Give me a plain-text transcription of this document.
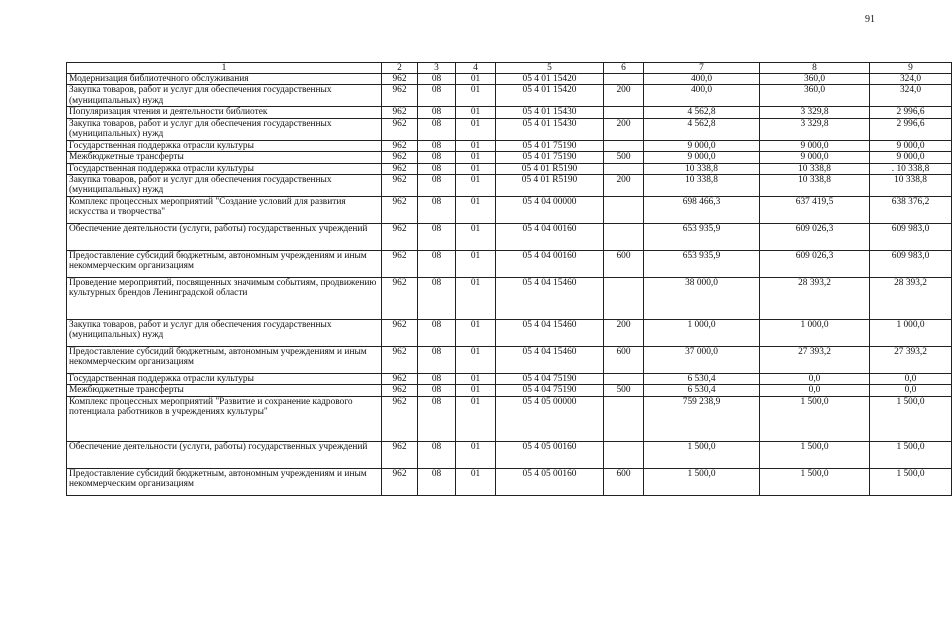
91
1	2	3	4	5	6	7	8	9
Модернизация библиотечного обслуживания	962	08	01	05 4 01 15420		400,0	360,0	324,0
Закупка товаров, работ и услуг для обеспечения государственных (муниципальных) нужд	962	08	01	05 4 01 15420	200	400,0	360,0	324,0
Популяризация чтения и деятельности библиотек	962	08	01	05 4 01 15430		4 562,8	3 329,8	2 996,6
Закупка товаров, работ и услуг для обеспечения государственных (муниципальных) нужд	962	08	01	05 4 01 15430	200	4 562,8	3 329,8	2 996,6
Государственная поддержка отрасли культуры	962	08	01	05 4 01 75190		9 000,0	9 000,0	9 000,0
Межбюджетные трансферты	962	08	01	05 4 01 75190	500	9 000,0	9 000,0	9 000,0
Государственная поддержка отрасли культуры	962	08	01	05 4 01 R5190		10 338,8	10 338,8	. 10 338,8
Закупка товаров, работ и услуг для обеспечения государственных (муниципальных) нужд	962	08	01	05 4 01 R5190	200	10 338,8	10 338,8	10 338,8
Комплекс процессных мероприятий "Создание условий для развития искусства и творчества"	962	08	01	05 4 04 00000		698 466,3	637 419,5	638 376,2
Обеспечение деятельности (услуги, работы) государственных учреждений	962	08	01	05 4 04 00160		653 935,9	609 026,3	609 983,0
Предоставление субсидий бюджетным, автономным учреждениям и иным некоммерческим организациям	962	08	01	05 4 04 00160	600	653 935,9	609 026,3	609 983,0
Проведение мероприятий, посвященных значимым событиям, продвижению культурных брендов Ленинградской области	962	08	01	05 4 04 15460		38 000,0	28 393,2	28 393,2
Закупка товаров, работ и услуг для обеспечения государственных (муниципальных) нужд	962	08	01	05 4 04 15460	200	1 000,0	1 000,0	1 000,0
Предоставление субсидий бюджетным, автономным учреждениям и иным некоммерческим организациям	962	08	01	05 4 04 15460	600	37 000,0	27 393,2	27 393,2
Государственная поддержка отрасли культуры	962	08	01	05 4 04 75190		6 530,4	0,0	0,0
Межбюджетные трансферты	962	08	01	05 4 04 75190	500	6 530,4	0,0	0,0
Комплекс процессных мероприятий "Развитие и сохранение кадрового потенциала работников в учреждениях культуры"	962	08	01	05 4 05 00000		759 238,9	1 500,0	1 500,0
Обеспечение деятельности (услуги, работы) государственных учреждений	962	08	01	05 4 05 00160		1 500,0	1 500,0	1 500,0
Предоставление субсидий бюджетным, автономным учреждениям и иным некоммерческим организациям	962	08	01	05 4 05 00160	600	1 500,0	1 500,0	1 500,0
